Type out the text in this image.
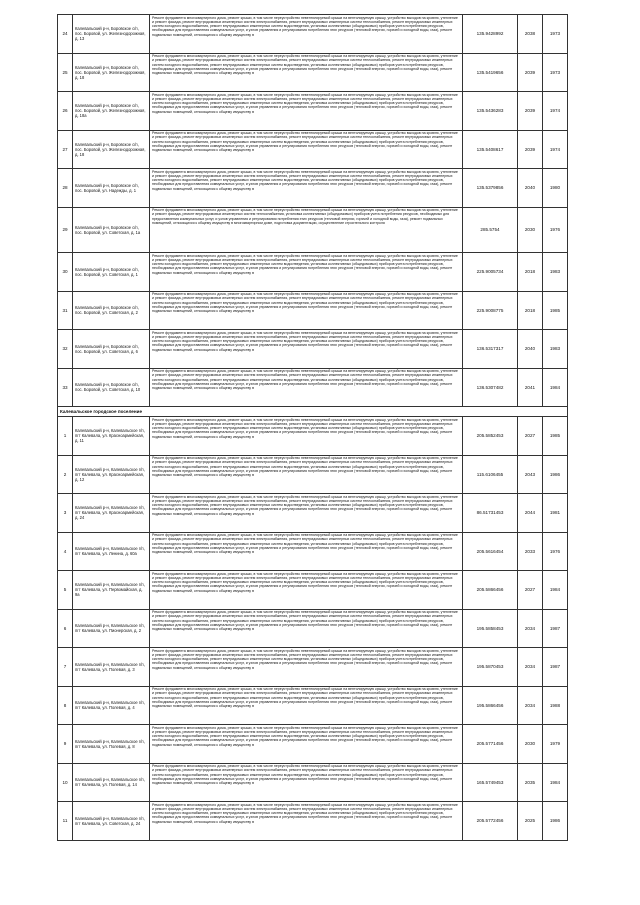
24	Калевальский р-н, Боровское с/п, пос. Боровой, ул. Железнодорожная, д. 13	Ремонт фундамента многоквартирного дома, ремонт крыши, в том числе переустройство невентилируемой крыши на вентилируемую крышу, устройство выходов на кровлю, утепление и ремонт фасада, ремонт внутридомовых инженерных систем электроснабжения, ремонт внутридомовых инженерных систем теплоснабжения, ремонт внутридомовых инженерных систем холодного водоснабжения, ремонт внутридомовых инженерных систем водоотведения, установка коллективных (общедомовых) приборов учета потребления ресурсов, необходимых для предоставления коммунальных услуг, и узлов управления и регулирования потребления этих ресурсов (тепловой энергии, горячей и холодной воды, газа), ремонт подвальных помещений, относящихся к общему имуществу в	135.9428992	2038	1973
25	Калевальский р-н, Боровское с/п, пос. Боровой, ул. Железнодорожная, д. 18	Ремонт фундамента многоквартирного дома, ремонт крыши, в том числе переустройство невентилируемой крыши на вентилируемую крышу, устройство выходов на кровлю, утепление и ремонт фасада, ремонт внутридомовых инженерных систем электроснабжения, ремонт внутридомовых инженерных систем теплоснабжения, ремонт внутридомовых инженерных систем холодного водоснабжения, ремонт внутридомовых инженерных систем водоотведения, установка коллективных (общедомовых) приборов учета потребления ресурсов, необходимых для предоставления коммунальных услуг, и узлов управления и регулирования потребления этих ресурсов (тепловой энергии, горячей и холодной воды, газа), ремонт подвальных помещений, относящихся к общему имуществу в	135.5419656	2039	1973
26	Калевальский р-н, Боровское с/п, пос. Боровой, ул. Железнодорожная, д. 18а	Ремонт фундамента многоквартирного дома, ремонт крыши, в том числе переустройство невентилируемой крыши на вентилируемую крышу, устройство выходов на кровлю, утепление и ремонт фасада, ремонт внутридомовых инженерных систем электроснабжения, ремонт внутридомовых инженерных систем теплоснабжения, ремонт внутридомовых инженерных систем холодного водоснабжения, ремонт внутридомовых инженерных систем водоотведения, установка коллективных (общедомовых) приборов учета потребления ресурсов, необходимых для предоставления коммунальных услуг, и узлов управления и регулирования потребления этих ресурсов (тепловой энергии, горячей и холодной воды, газа), ремонт подвальных помещений, относящихся к общему имуществу в	135.5436283	2039	1974
27	Калевальский р-н, Боровское с/п, пос. Боровой, ул. Железнодорожная, д. 18	Ремонт фундамента многоквартирного дома, ремонт крыши, в том числе переустройство невентилируемой крыши на вентилируемую крышу, устройство выходов на кровлю, утепление и ремонт фасада, ремонт внутридомовых инженерных систем электроснабжения, ремонт внутридомовых инженерных систем теплоснабжения, ремонт внутридомовых инженерных систем холодного водоснабжения, ремонт внутридомовых инженерных систем водоотведения, установка коллективных (общедомовых) приборов учета потребления ресурсов, необходимых для предоставления коммунальных услуг, и узлов управления и регулирования потребления этих ресурсов (тепловой энергии, горячей и холодной воды, газа), ремонт подвальных помещений, относящихся к общему имуществу в	135.5408617	2039	1974
28	Калевальский р-н, Боровское с/п, пос. Боровой, ул. Надежды, д. 1	Ремонт фундамента многоквартирного дома, ремонт крыши, в том числе переустройство невентилируемой крыши на вентилируемую крышу, устройство выходов на кровлю, утепление и ремонт фасада, ремонт внутридомовых инженерных систем электроснабжения, ремонт внутридомовых инженерных систем теплоснабжения, ремонт внутридомовых инженерных систем холодного водоснабжения, ремонт внутридомовых инженерных систем водоотведения, установка коллективных (общедомовых) приборов учета потребления ресурсов, необходимых для предоставления коммунальных услуг, и узлов управления и регулирования потребления этих ресурсов (тепловой энергии, горячей и холодной воды, газа), ремонт подвальных помещений, относящихся к общему имуществу в	135.5379856	2040	1980
29	Калевальский р-н, Боровское с/п, пос. Боровой, ул. Советская, д. 1а	Ремонт фундамента многоквартирного дома, ремонт крыши, в том числе переустройство невентилируемой крыши на вентилируемую крышу, устройство выходов на кровлю, утепление и ремонт фасада, ремонт внутридомовых инженерных систем теплоснабжения, установка коллективных (общедомовых) приборов учета потребления ресурсов, необходимых для предоставления коммунальных услуг, и узлов управления и регулирования потребления этих ресурсов (тепловой энергии, горячей и холодной воды, газа), ремонт подвальных помещений, относящихся к общему имуществу в многоквартирном доме, подготовка документации, осуществление строительного контроля	285.5754	2030	1976
30	Калевальский р-н, Боровское с/п, пос. Боровой, ул. Советская, д. 1	Ремонт фундамента многоквартирного дома, ремонт крыши, в том числе переустройство невентилируемой крыши на вентилируемую крышу, устройство выходов на кровлю, утепление и ремонт фасада, ремонт внутридомовых инженерных систем электроснабжения, ремонт внутридомовых инженерных систем теплоснабжения, ремонт внутридомовых инженерных систем холодного водоснабжения, ремонт внутридомовых инженерных систем водоотведения, установка коллективных (общедомовых) приборов учета потребления ресурсов, необходимых для предоставления коммунальных услуг, и узлов управления и регулирования потребления этих ресурсов (тепловой энергии, горячей и холодной воды, газа), ремонт подвальных помещений, относящихся к общему имуществу в	225.9005734	2018	1983
31	Калевальский р-н, Боровское с/п, пос. Боровой, ул. Советская, д. 2	Ремонт фундамента многоквартирного дома, ремонт крыши, в том числе переустройство невентилируемой крыши на вентилируемую крышу, устройство выходов на кровлю, утепление и ремонт фасада, ремонт внутридомовых инженерных систем электроснабжения, ремонт внутридомовых инженерных систем теплоснабжения, ремонт внутридомовых инженерных систем холодного водоснабжения, ремонт внутридомовых инженерных систем водоотведения, установка коллективных (общедомовых) приборов учета потребления ресурсов, необходимых для предоставления коммунальных услуг, и узлов управления и регулирования потребления этих ресурсов (тепловой энергии, горячей и холодной воды, газа), ремонт подвальных помещений, относящихся к общему имуществу в	225.9008775	2018	1985
32	Калевальский р-н, Боровское с/п, пос. Боровой, ул. Советская, д. 6	Ремонт фундамента многоквартирного дома, ремонт крыши, в том числе переустройство невентилируемой крыши на вентилируемую крышу, устройство выходов на кровлю, утепление и ремонт фасада, ремонт внутридомовых инженерных систем электроснабжения, ремонт внутридомовых инженерных систем теплоснабжения, ремонт внутридомовых инженерных систем холодного водоснабжения, ремонт внутридомовых инженерных систем водоотведения, установка коллективных (общедомовых) приборов учета потребления ресурсов, необходимых для предоставления коммунальных услуг, и узлов управления и регулирования потребления этих ресурсов (тепловой энергии, горячей и холодной воды, газа), ремонт подвальных помещений, относящихся к общему имуществу в	136.5317317	2040	1983
33	Калевальский р-н, Боровское с/п, пос. Боровой, ул. Советская, д. 10	Ремонт фундамента многоквартирного дома, ремонт крыши, в том числе переустройство невентилируемой крыши на вентилируемую крышу, устройство выходов на кровлю, утепление и ремонт фасада, ремонт внутридомовых инженерных систем электроснабжения, ремонт внутридомовых инженерных систем теплоснабжения, ремонт внутридомовых инженерных систем холодного водоснабжения, ремонт внутридомовых инженерных систем водоотведения, установка коллективных (общедомовых) приборов учета потребления ресурсов, необходимых для предоставления коммунальных услуг, и узлов управления и регулирования потребления этих ресурсов (тепловой энергии, горячей и холодной воды, газа), ремонт подвальных помещений, относящихся к общему имуществу в	136.5307482	2041	1984
Калевальское городское поселение					
1	Калевальский р-н, Калевальское г/п, пгт Калевала, ул. Красноармейская, д. 11	Ремонт фундамента многоквартирного дома, ремонт крыши, в том числе переустройство невентилируемой крыши на вентилируемую крышу, устройство выходов на кровлю, утепление и ремонт фасада, ремонт внутридомовых инженерных систем электроснабжения, ремонт внутридомовых инженерных систем теплоснабжения, ремонт внутридомовых инженерных систем холодного водоснабжения, ремонт внутридомовых инженерных систем водоотведения, установка коллективных (общедомовых) приборов учета потребления ресурсов, необходимых для предоставления коммунальных услуг, и узлов управления и регулирования потребления этих ресурсов (тепловой энергии, горячей и холодной воды, газа), ремонт подвальных помещений, относящихся к общему имуществу в	205.5852453	2027	1985
2	Калевальский р-н, Калевальское г/п, пгт Калевала, ул. Красноармейская, д. 12	Ремонт фундамента многоквартирного дома, ремонт крыши, в том числе переустройство невентилируемой крыши на вентилируемую крышу, устройство выходов на кровлю, утепление и ремонт фасада, ремонт внутридомовых инженерных систем электроснабжения, ремонт внутридомовых инженерных систем теплоснабжения, ремонт внутридомовых инженерных систем холодного водоснабжения, ремонт внутридомовых инженерных систем водоотведения, установка коллективных (общедомовых) приборов учета потребления ресурсов, необходимых для предоставления коммунальных услуг, и узлов управления и регулирования потребления этих ресурсов (тепловой энергии, горячей и холодной воды, газа), ремонт подвальных помещений, относящихся к общему имуществу в	115.6106455	2043	1986
3	Калевальский р-н, Калевальское г/п, пгт Калевала, ул. Красноармейская, д. 24	Ремонт фундамента многоквартирного дома, ремонт крыши, в том числе переустройство невентилируемой крыши на вентилируемую крышу, устройство выходов на кровлю, утепление и ремонт фасада, ремонт внутридомовых инженерных систем электроснабжения, ремонт внутридомовых инженерных систем теплоснабжения, ремонт внутридомовых инженерных систем холодного водоснабжения, ремонт внутридомовых инженерных систем водоотведения, установка коллективных (общедомовых) приборов учета потребления ресурсов, необходимых для предоставления коммунальных услуг, и узлов управления и регулирования потребления этих ресурсов (тепловой энергии, горячей и холодной воды, газа), ремонт подвальных помещений, относящихся к общему имуществу в	86.51731453	2044	1981
4	Калевальский р-н, Калевальское г/п, пгт Калевала, ул. Ленина, д. 60а	Ремонт фундамента многоквартирного дома, ремонт крыши, в том числе переустройство невентилируемой крыши на вентилируемую крышу, устройство выходов на кровлю, утепление и ремонт фасада, ремонт внутридомовых инженерных систем электроснабжения, ремонт внутридомовых инженерных систем теплоснабжения, ремонт внутридомовых инженерных систем холодного водоснабжения, ремонт внутридомовых инженерных систем водоотведения, установка коллективных (общедомовых) приборов учета потребления ресурсов, необходимых для предоставления коммунальных услуг, и узлов управления и регулирования потребления этих ресурсов (тепловой энергии, горячей и холодной воды, газа), ремонт подвальных помещений, относящихся к общему имуществу в	205.5616454	2033	1976
5	Калевальский р-н, Калевальское г/п, пгт Калевала, ул. Первомайская, д. 9а	Ремонт фундамента многоквартирного дома, ремонт крыши, в том числе переустройство невентилируемой крыши на вентилируемую крышу, устройство выходов на кровлю, утепление и ремонт фасада, ремонт внутридомовых инженерных систем электроснабжения, ремонт внутридомовых инженерных систем теплоснабжения, ремонт внутридомовых инженерных систем холодного водоснабжения, ремонт внутридомовых инженерных систем водоотведения, установка коллективных (общедомовых) приборов учета потребления ресурсов, необходимых для предоставления коммунальных услуг, и узлов управления и регулирования потребления этих ресурсов (тепловой энергии, горячей и холодной воды, газа), ремонт подвальных помещений, относящихся к общему имуществу в	205.5866456	2027	1984
6	Калевальский р-н, Калевальское г/п, пгт Калевала, ул. Пионерская, д. 2	Ремонт фундамента многоквартирного дома, ремонт крыши, в том числе переустройство невентилируемой крыши на вентилируемую крышу, устройство выходов на кровлю, утепление и ремонт фасада, ремонт внутридомовых инженерных систем электроснабжения, ремонт внутридомовых инженерных систем теплоснабжения, ремонт внутридомовых инженерных систем холодного водоснабжения, ремонт внутридомовых инженерных систем водоотведения, установка коллективных (общедомовых) приборов учета потребления ресурсов, необходимых для предоставления коммунальных услуг, и узлов управления и регулирования потребления этих ресурсов (тепловой энергии, горячей и холодной воды, газа), ремонт подвальных помещений, относящихся к общему имуществу в	195.5858453	2034	1987
7	Калевальский р-н, Калевальское г/п, пгт Калевала, ул. Полевая, д. 3	Ремонт фундамента многоквартирного дома, ремонт крыши, в том числе переустройство невентилируемой крыши на вентилируемую крышу, устройство выходов на кровлю, утепление и ремонт фасада, ремонт внутридомовых инженерных систем электроснабжения, ремонт внутридомовых инженерных систем теплоснабжения, ремонт внутридомовых инженерных систем холодного водоснабжения, ремонт внутридомовых инженерных систем водоотведения, установка коллективных (общедомовых) приборов учета потребления ресурсов, необходимых для предоставления коммунальных услуг, и узлов управления и регулирования потребления этих ресурсов (тепловой энергии, горячей и холодной воды, газа), ремонт подвальных помещений, относящихся к общему имуществу в	195.5870453	2034	1987
8	Калевальский р-н, Калевальское г/п, пгт Калевала, ул. Полевая, д. 4	Ремонт фундамента многоквартирного дома, ремонт крыши, в том числе переустройство невентилируемой крыши на вентилируемую крышу, устройство выходов на кровлю, утепление и ремонт фасада, ремонт внутридомовых инженерных систем электроснабжения, ремонт внутридомовых инженерных систем теплоснабжения, ремонт внутридомовых инженерных систем холодного водоснабжения, ремонт внутридомовых инженерных систем водоотведения, установка коллективных (общедомовых) приборов учета потребления ресурсов, необходимых для предоставления коммунальных услуг, и узлов управления и регулирования потребления этих ресурсов (тепловой энергии, горячей и холодной воды, газа), ремонт подвальных помещений, относящихся к общему имуществу в	195.5866456	2034	1988
9	Калевальский р-н, Калевальское г/п, пгт Калевала, ул. Полевая, д. 8	Ремонт фундамента многоквартирного дома, ремонт крыши, в том числе переустройство невентилируемой крыши на вентилируемую крышу, устройство выходов на кровлю, утепление и ремонт фасада, ремонт внутридомовых инженерных систем электроснабжения, ремонт внутридомовых инженерных систем теплоснабжения, ремонт внутридомовых инженерных систем холодного водоснабжения, ремонт внутридомовых инженерных систем водоотведения, установка коллективных (общедомовых) приборов учета потребления ресурсов, необходимых для предоставления коммунальных услуг, и узлов управления и регулирования потребления этих ресурсов (тепловой энергии, горячей и холодной воды, газа), ремонт подвальных помещений, относящихся к общему имуществу в	205.5771456	2030	1979
10	Калевальский р-н, Калевальское г/п, пгт Калевала, ул. Полевая, д. 14	Ремонт фундамента многоквартирного дома, ремонт крыши, в том числе переустройство невентилируемой крыши на вентилируемую крышу, устройство выходов на кровлю, утепление и ремонт фасада, ремонт внутридомовых инженерных систем электроснабжения, ремонт внутридомовых инженерных систем теплоснабжения, ремонт внутридомовых инженерных систем холодного водоснабжения, ремонт внутридомовых инженерных систем водоотведения, установка коллективных (общедомовых) приборов учета потребления ресурсов, необходимых для предоставления коммунальных услуг, и узлов управления и регулирования потребления этих ресурсов (тепловой энергии, горячей и холодной воды, газа), ремонт подвальных помещений, относящихся к общему имуществу в	165.5749453	2035	1984
11	Калевальский р-н, Калевальское г/п, пгт Калевала, ул. Советская, д. 24	Ремонт фундамента многоквартирного дома, ремонт крыши, в том числе переустройство невентилируемой крыши на вентилируемую крышу, устройство выходов на кровлю, утепление и ремонт фасада, ремонт внутридомовых инженерных систем электроснабжения, ремонт внутридомовых инженерных систем теплоснабжения, ремонт внутридомовых инженерных систем холодного водоснабжения, ремонт внутридомовых инженерных систем водоотведения, установка коллективных (общедомовых) приборов учета потребления ресурсов, необходимых для предоставления коммунальных услуг, и узлов управления и регулирования потребления этих ресурсов (тепловой энергии, горячей и холодной воды, газа), ремонт подвальных помещений, относящихся к общему имуществу в	205.5772456	2025	1986
